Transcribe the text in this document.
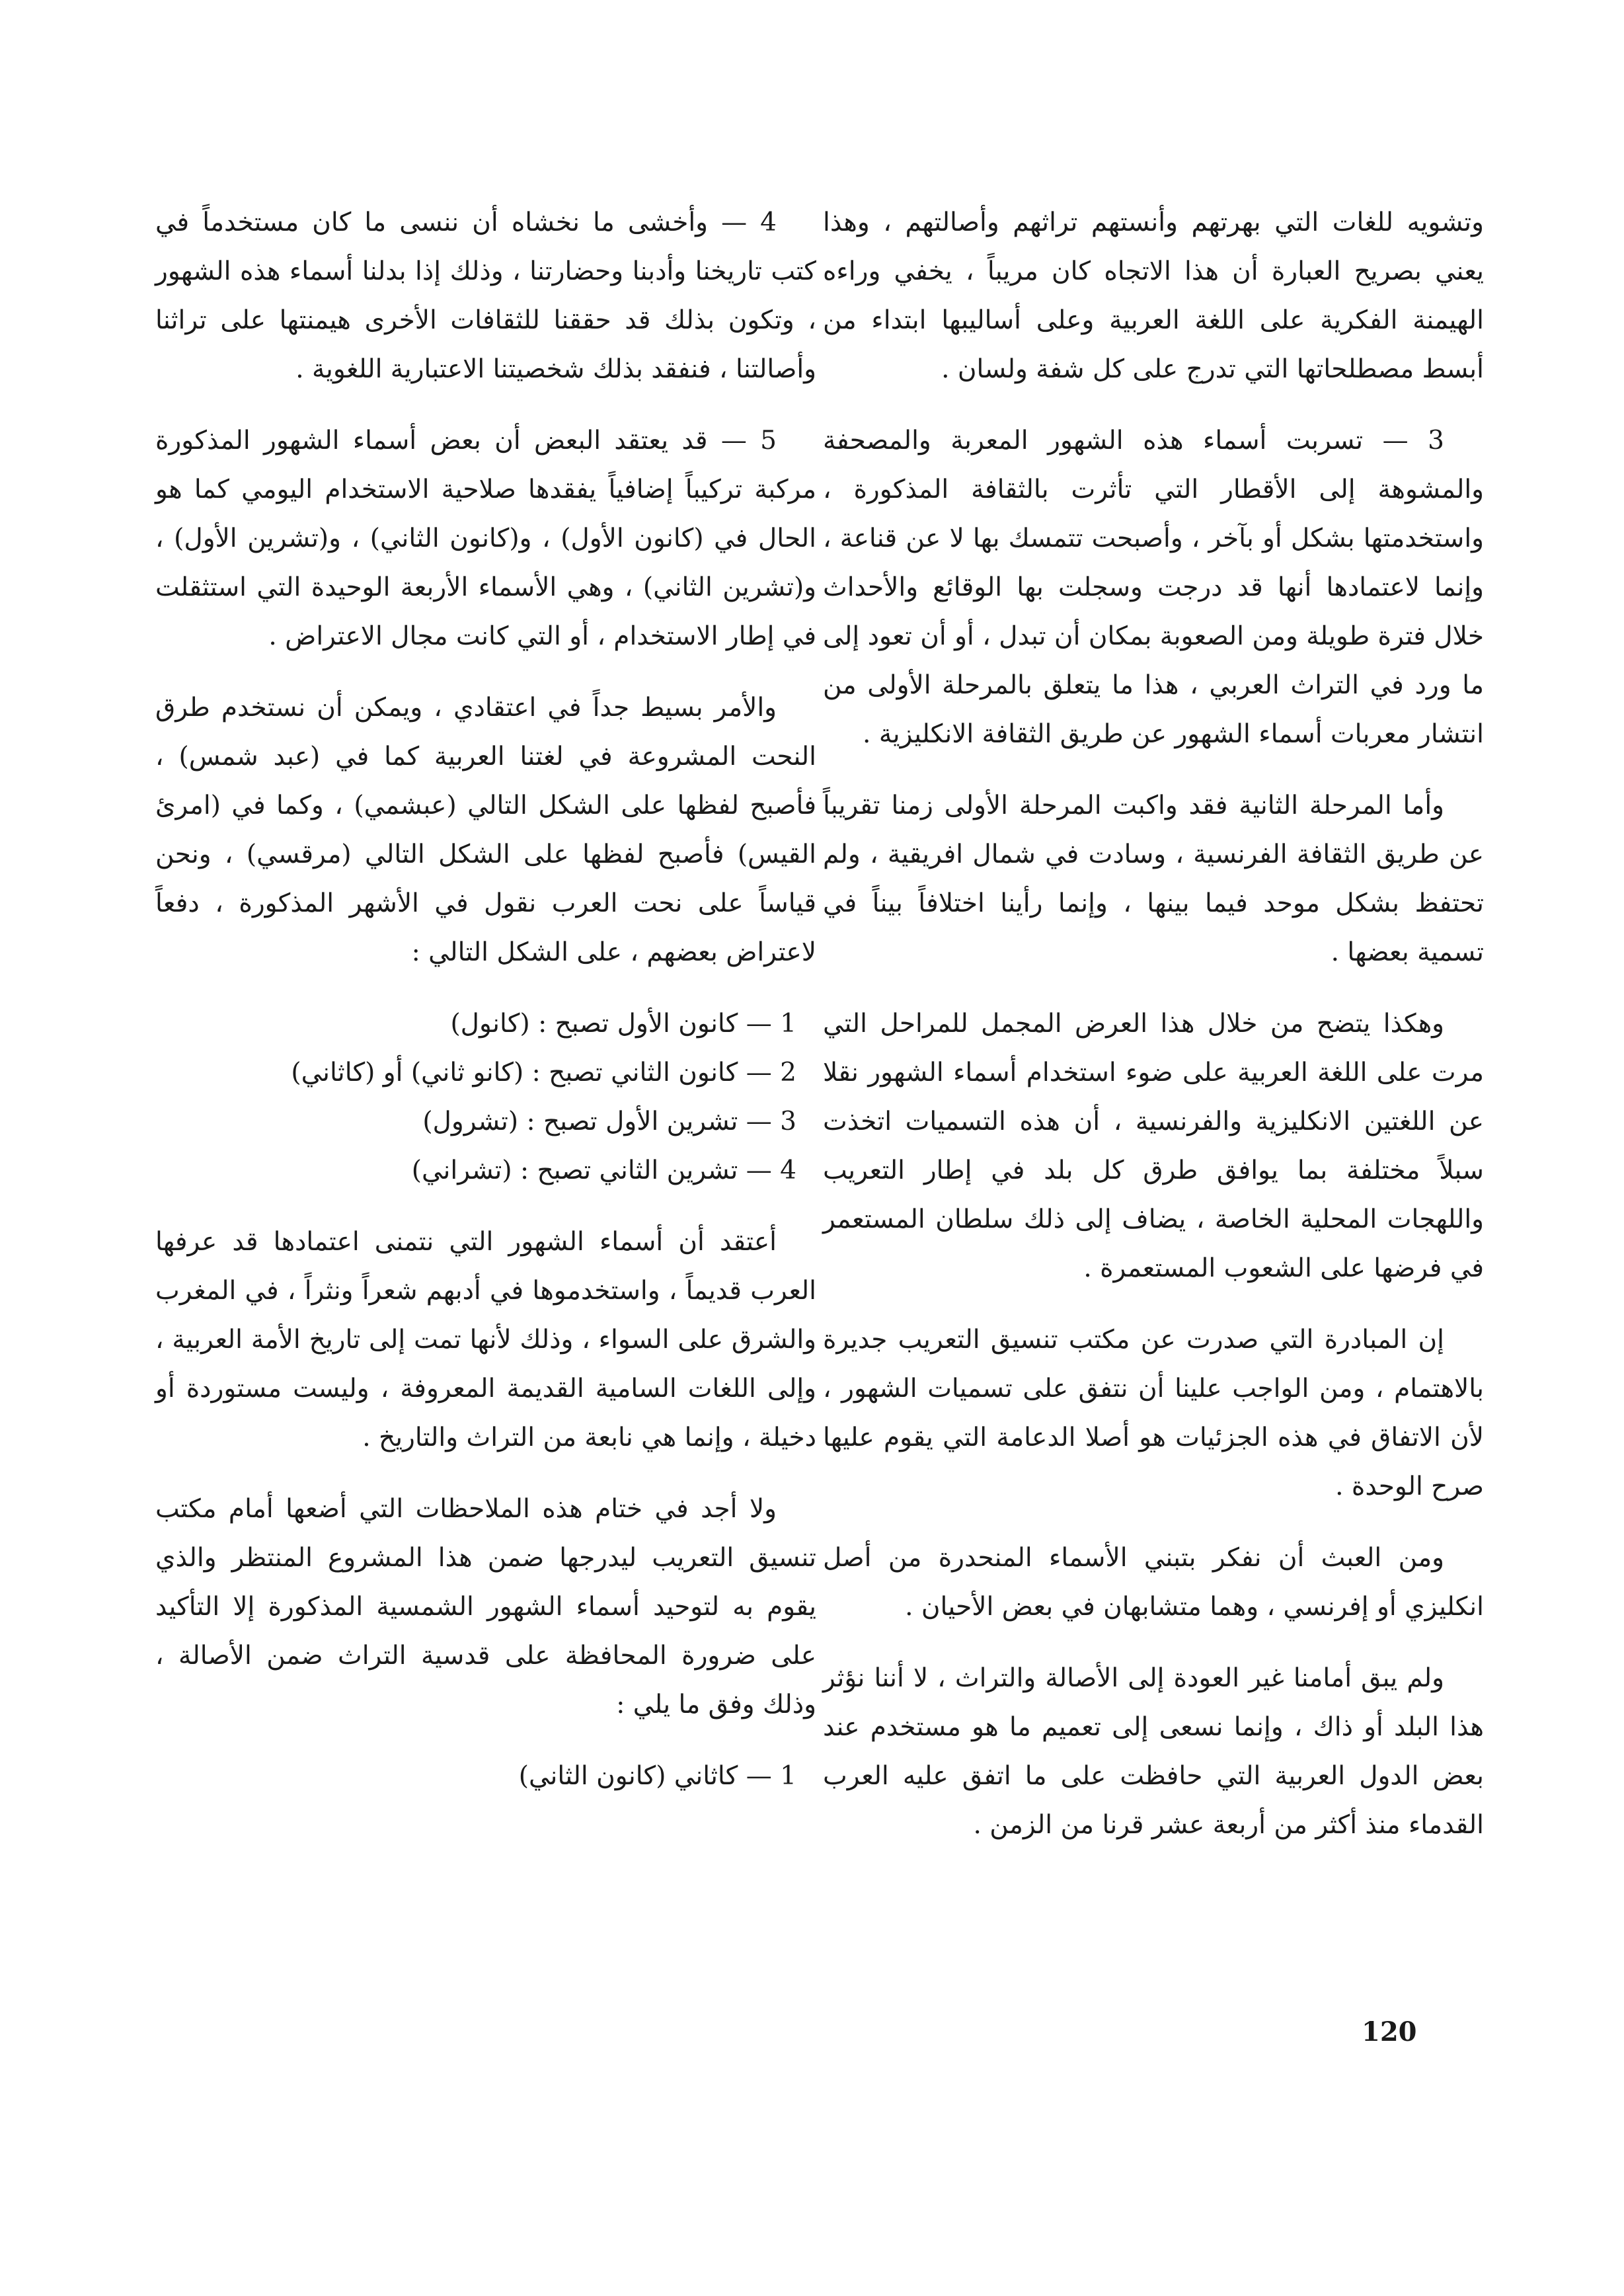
وتشويه للغات التي بهرتهم وأنستهم تراثهم وأصالتهم ، وهذا يعني بصريح العبارة أن هذا الاتجاه كان مريباً ، يخفي وراءه الهيمنة الفكرية على اللغة العربية وعلى أساليبها ابتداء من أبسط مصطلحاتها التي تدرج على كل شفة ولسان .

3 — تسربت أسماء هذه الشهور المعربة والمصحفة والمشوهة إلى الأقطار التي تأثرت بالثقافة المذكورة ، واستخدمتها بشكل أو بآخر ، وأصبحت تتمسك بها لا عن قناعة ، وإنما لاعتمادها أنها قد درجت وسجلت بها الوقائع والأحداث خلال فترة طويلة ومن الصعوبة بمكان أن تبدل ، أو أن تعود إلى ما ورد في التراث العربي ، هذا ما يتعلق بالمرحلة الأولى من انتشار معربات أسماء الشهور عن طريق الثقافة الانكليزية .

وأما المرحلة الثانية فقد واكبت المرحلة الأولى زمنا تقريباً عن طريق الثقافة الفرنسية ، وسادت في شمال افريقية ، ولم تحتفظ بشكل موحد فيما بينها ، وإنما رأينا اختلافاً بيناً في تسمية بعضها .

وهكذا يتضح من خلال هذا العرض المجمل للمراحل التي مرت على اللغة العربية على ضوء استخدام أسماء الشهور نقلا عن اللغتين الانكليزية والفرنسية ، أن هذه التسميات اتخذت سبلاً مختلفة بما يوافق طرق كل بلد في إطار التعريب واللهجات المحلية الخاصة ، يضاف إلى ذلك سلطان المستعمر في فرضها على الشعوب المستعمرة .

إن المبادرة التي صدرت عن مكتب تنسيق التعريب جديرة بالاهتمام ، ومن الواجب علينا أن نتفق على تسميات الشهور ، لأن الاتفاق في هذه الجزئيات هو أصلا الدعامة التي يقوم عليها صرح الوحدة .

ومن العبث أن نفكر بتبني الأسماء المنحدرة من أصل انكليزي أو إفرنسي ، وهما متشابهان في بعض الأحيان .

ولم يبق أمامنا غير العودة إلى الأصالة والتراث ، لا أننا نؤثر هذا البلد أو ذاك ، وإنما نسعى إلى تعميم ما هو مستخدم عند بعض الدول العربية التي حافظت على ما اتفق عليه العرب القدماء منذ أكثر من أربعة عشر قرنا من الزمن .

4 — وأخشى ما نخشاه أن ننسى ما كان مستخدماً في كتب تاريخنا وأدبنا وحضارتنا ، وذلك إذا بدلنا أسماء هذه الشهور ، وتكون بذلك قد حققنا للثقافات الأخرى هيمنتها على تراثنا وأصالتنا ، فنفقد بذلك شخصيتنا الاعتبارية اللغوية .

5 — قد يعتقد البعض أن بعض أسماء الشهور المذكورة مركبة تركيباً إضافياً يفقدها صلاحية الاستخدام اليومي كما هو الحال في (كانون الأول) ، و(كانون الثاني) ، و(تشرين الأول) ، و(تشرين الثاني) ، وهي الأسماء الأربعة الوحيدة التي استثقلت في إطار الاستخدام ، أو التي كانت مجال الاعتراض .

والأمر بسيط جداً في اعتقادي ، ويمكن أن نستخدم طرق النحت المشروعة في لغتنا العربية كما في (عبد شمس) ، فأصبح لفظها على الشكل التالي (عبشمي) ، وكما في (امرئ القيس) فأصبح لفظها على الشكل التالي (مرقسي) ، ونحن قياساً على نحت العرب نقول في الأشهر المذكورة ، دفعاً لاعتراض بعضهم ، على الشكل التالي :

1 — كانون الأول تصبح : (كانول)
2 — كانون الثاني تصبح : (كانو ثاني) أو (كاثاني)
3 — تشرين الأول تصبح : (تشرول)
4 — تشرين الثاني تصبح : (تشراني)

أعتقد أن أسماء الشهور التي نتمنى اعتمادها قد عرفها العرب قديماً ، واستخدموها في أدبهم شعراً ونثراً ، في المغرب والشرق على السواء ، وذلك لأنها تمت إلى تاريخ الأمة العربية ، وإلى اللغات السامية القديمة المعروفة ، وليست مستوردة أو دخيلة ، وإنما هي نابعة من التراث والتاريخ .

ولا أجد في ختام هذه الملاحظات التي أضعها أمام مكتب تنسيق التعريب ليدرجها ضمن هذا المشروع المنتظر والذي يقوم به لتوحيد أسماء الشهور الشمسية المذكورة إلا التأكيد على ضرورة المحافظة على قدسية التراث ضمن الأصالة ، وذلك وفق ما يلي :

1 — كاثاني (كانون الثاني)
120
